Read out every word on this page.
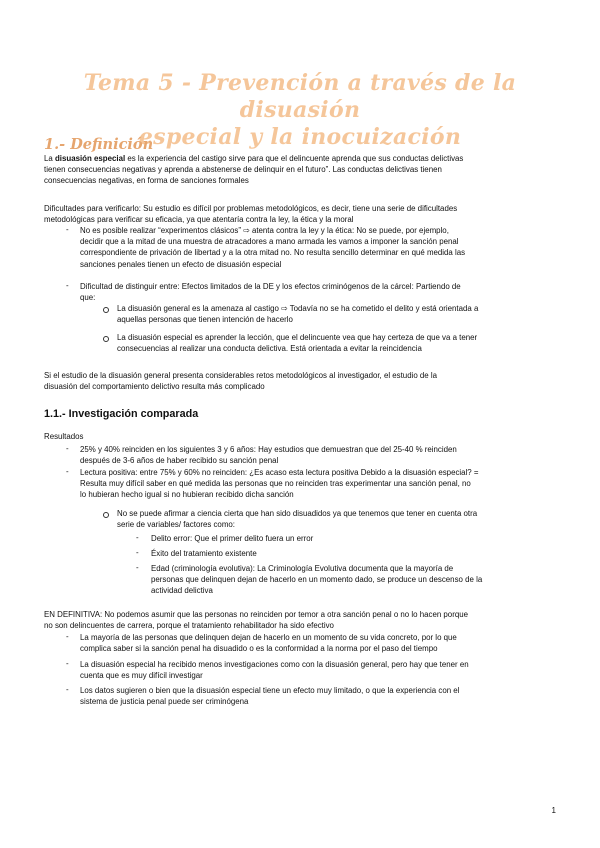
Tema 5 - Prevención a través de la disuasión
especial y la inocuización
1.- Definición
La disuasión especial es la experiencia del castigo sirve para que el delincuente aprenda que sus conductas delictivas
tienen consecuencias negativas y aprenda a abstenerse de delinquir en el futuro”. Las conductas delictivas tienen
consecuencias negativas, en forma de sanciones formales
Dificultades para verificarlo: Su estudio es difícil por problemas metodológicos, es decir, tiene una serie de dificultades
metodológicas para verificar su eficacia, ya que atentaría contra la ley, la ética y la moral
- No es posible realizar “experimentos clásicos” ⇨ atenta contra la ley y la ética: No se puede, por ejemplo,
decidir que a la mitad de una muestra de atracadores a mano armada les vamos a imponer la sanción penal
correspondiente de privación de libertad y a la otra mitad no. No resulta sencillo determinar en qué medida las
sanciones penales tienen un efecto de disuasión especial
- Dificultad de distinguir entre: Efectos limitados de la DE y los efectos criminógenos de la cárcel: Partiendo de
que:
La disuasión general es la amenaza al castigo ⇨ Todavía no se ha cometido el delito y está orientada a
aquellas personas que tienen intención de hacerlo
La disuasión especial es aprender la lección, que el delincuente vea que hay certeza de que va a tener
consecuencias al realizar una conducta delictiva. Está orientada a evitar la reincidencia
Si el estudio de la disuasión general presenta considerables retos metodológicos al investigador, el estudio de la
disuasión del comportamiento delictivo resulta más complicado
1.1.- Investigación comparada
Resultados
- 25% y 40% reinciden en los siguientes 3 y 6 años: Hay estudios que demuestran que del 25-40 % reinciden
después de 3-6 años de haber recibido su sanción penal
- Lectura positiva: entre 75% y 60% no reinciden: ¿Es acaso esta lectura positiva Debido a la disuasión especial? =
Resulta muy difícil saber en qué medida las personas que no reinciden tras experimentar una sanción penal, no
lo hubieran hecho igual si no hubieran recibido dicha sanción
No se puede afirmar a ciencia cierta que han sido disuadidos ya que tenemos que tener en cuenta otra
serie de variables/ factores como:
- Delito error: Que el primer delito fuera un error
- Éxito del tratamiento existente
- Edad (criminología evolutiva): La Criminología Evolutiva documenta que la mayoría de
personas que delinquen dejan de hacerlo en un momento dado, se produce un descenso de la
actividad delictiva
EN DEFINITIVA: No podemos asumir que las personas no reinciden por temor a otra sanción penal o no lo hacen porque
no son delincuentes de carrera, porque el tratamiento rehabilitador ha sido efectivo
- La mayoría de las personas que delinquen dejan de hacerlo en un momento de su vida concreto, por lo que
complica saber si la sanción penal ha disuadido o es la conformidad a la norma por el paso del tiempo
- La disuasión especial ha recibido menos investigaciones como con la disuasión general, pero hay que tener en
cuenta que es muy difícil investigar
- Los datos sugieren o bien que la disuasión especial tiene un efecto muy limitado, o que la experiencia con el
sistema de justicia penal puede ser criminógena
1
